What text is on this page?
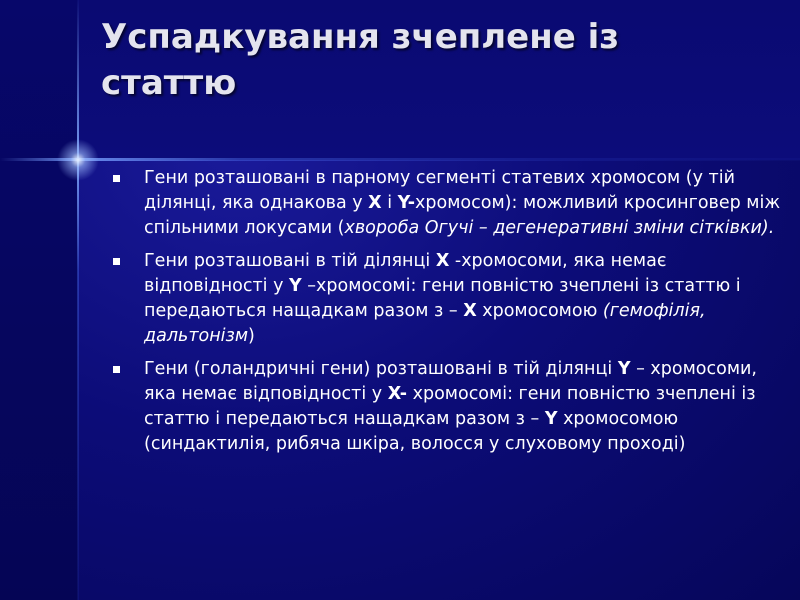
Успадкування зчеплене із статтю
Гени розташовані в парному сегменті статевих хромосом (у тій ділянці, яка однакова у X і Y-хромосом): можливий кросинговер між спільними локусами (хвороба Огучі – дегенеративні зміни сітківки).
Гени розташовані в тій ділянці X -хромосоми, яка немає відповідності у Y –хромосомі: гени повністю зчеплені із статтю і передаються нащадкам разом з – X хромосомою (гемофілія, дальтонізм)
Гени (голандричні гени) розташовані в тій ділянці Y – хромосоми, яка немає відповідності у X- хромосомі: гени повністю зчеплені із статтю і передаються нащадкам разом з – Y хромосомою (синдактилія, рибяча шкіра, волосся у слуховому проході)
